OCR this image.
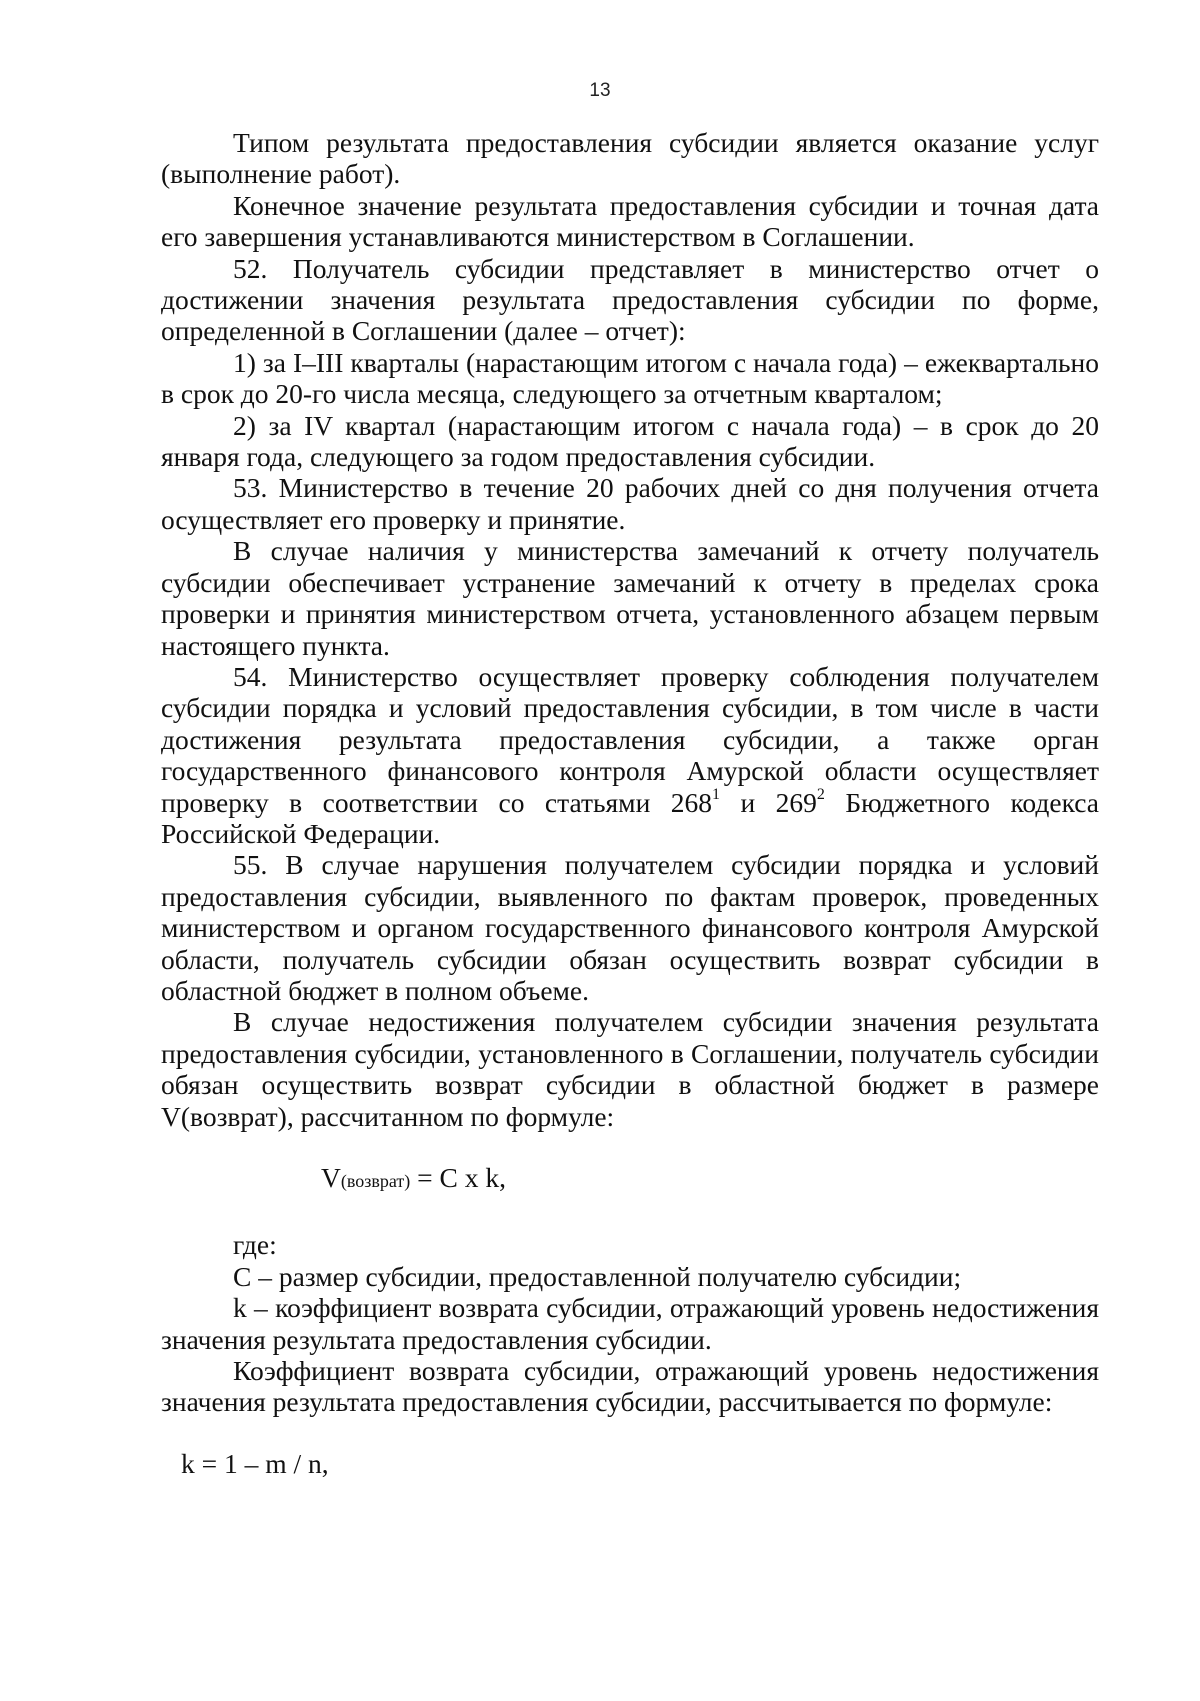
13

Типом результата предоставления субсидии является оказание услуг (выполнение работ).

Конечное значение результата предоставления субсидии и точная дата его завершения устанавливаются министерством в Соглашении.

52. Получатель субсидии представляет в министерство отчет о достижении значения результата предоставления субсидии по форме, определенной в Соглашении (далее – отчет):

1) за I–III кварталы (нарастающим итогом с начала года) – ежеквартально в срок до 20-го числа месяца, следующего за отчетным кварталом;

2) за IV квартал (нарастающим итогом с начала года) – в срок до 20 января года, следующего за годом предоставления субсидии.

53. Министерство в течение 20 рабочих дней со дня получения отчета осуществляет его проверку и принятие.

В случае наличия у министерства замечаний к отчету получатель субсидии обеспечивает устранение замечаний к отчету в пределах срока проверки и принятия министерством отчета, установленного абзацем первым настоящего пункта.

54. Министерство осуществляет проверку соблюдения получателем субсидии порядка и условий предоставления субсидии, в том числе в части достижения результата предоставления субсидии, а также орган государственного финансового контроля Амурской области осуществляет проверку в соответствии со статьями $268^1$ и $269^2$ Бюджетного кодекса Российской Федерации.

55. В случае нарушения получателем субсидии порядка и условий предоставления субсидии, выявленного по фактам проверок, проведенных министерством и органом государственного финансового контроля Амурской области, получатель субсидии обязан осуществить возврат субсидии в областной бюджет в полном объеме.

В случае недостижения получателем субсидии значения результата предоставления субсидии, установленного в Соглашении, получатель субсидии обязан осуществить возврат субсидии в областной бюджет в размере V(возврат), рассчитанном по формуле:

V(возврат) = C x k,

где:

C – размер субсидии, предоставленной получателю субсидии;

k – коэффициент возврата субсидии, отражающий уровень недостижения значения результата предоставления субсидии.

Коэффициент возврата субсидии, отражающий уровень недостижения значения результата предоставления субсидии, рассчитывается по формуле:

k = 1 – m / n,
